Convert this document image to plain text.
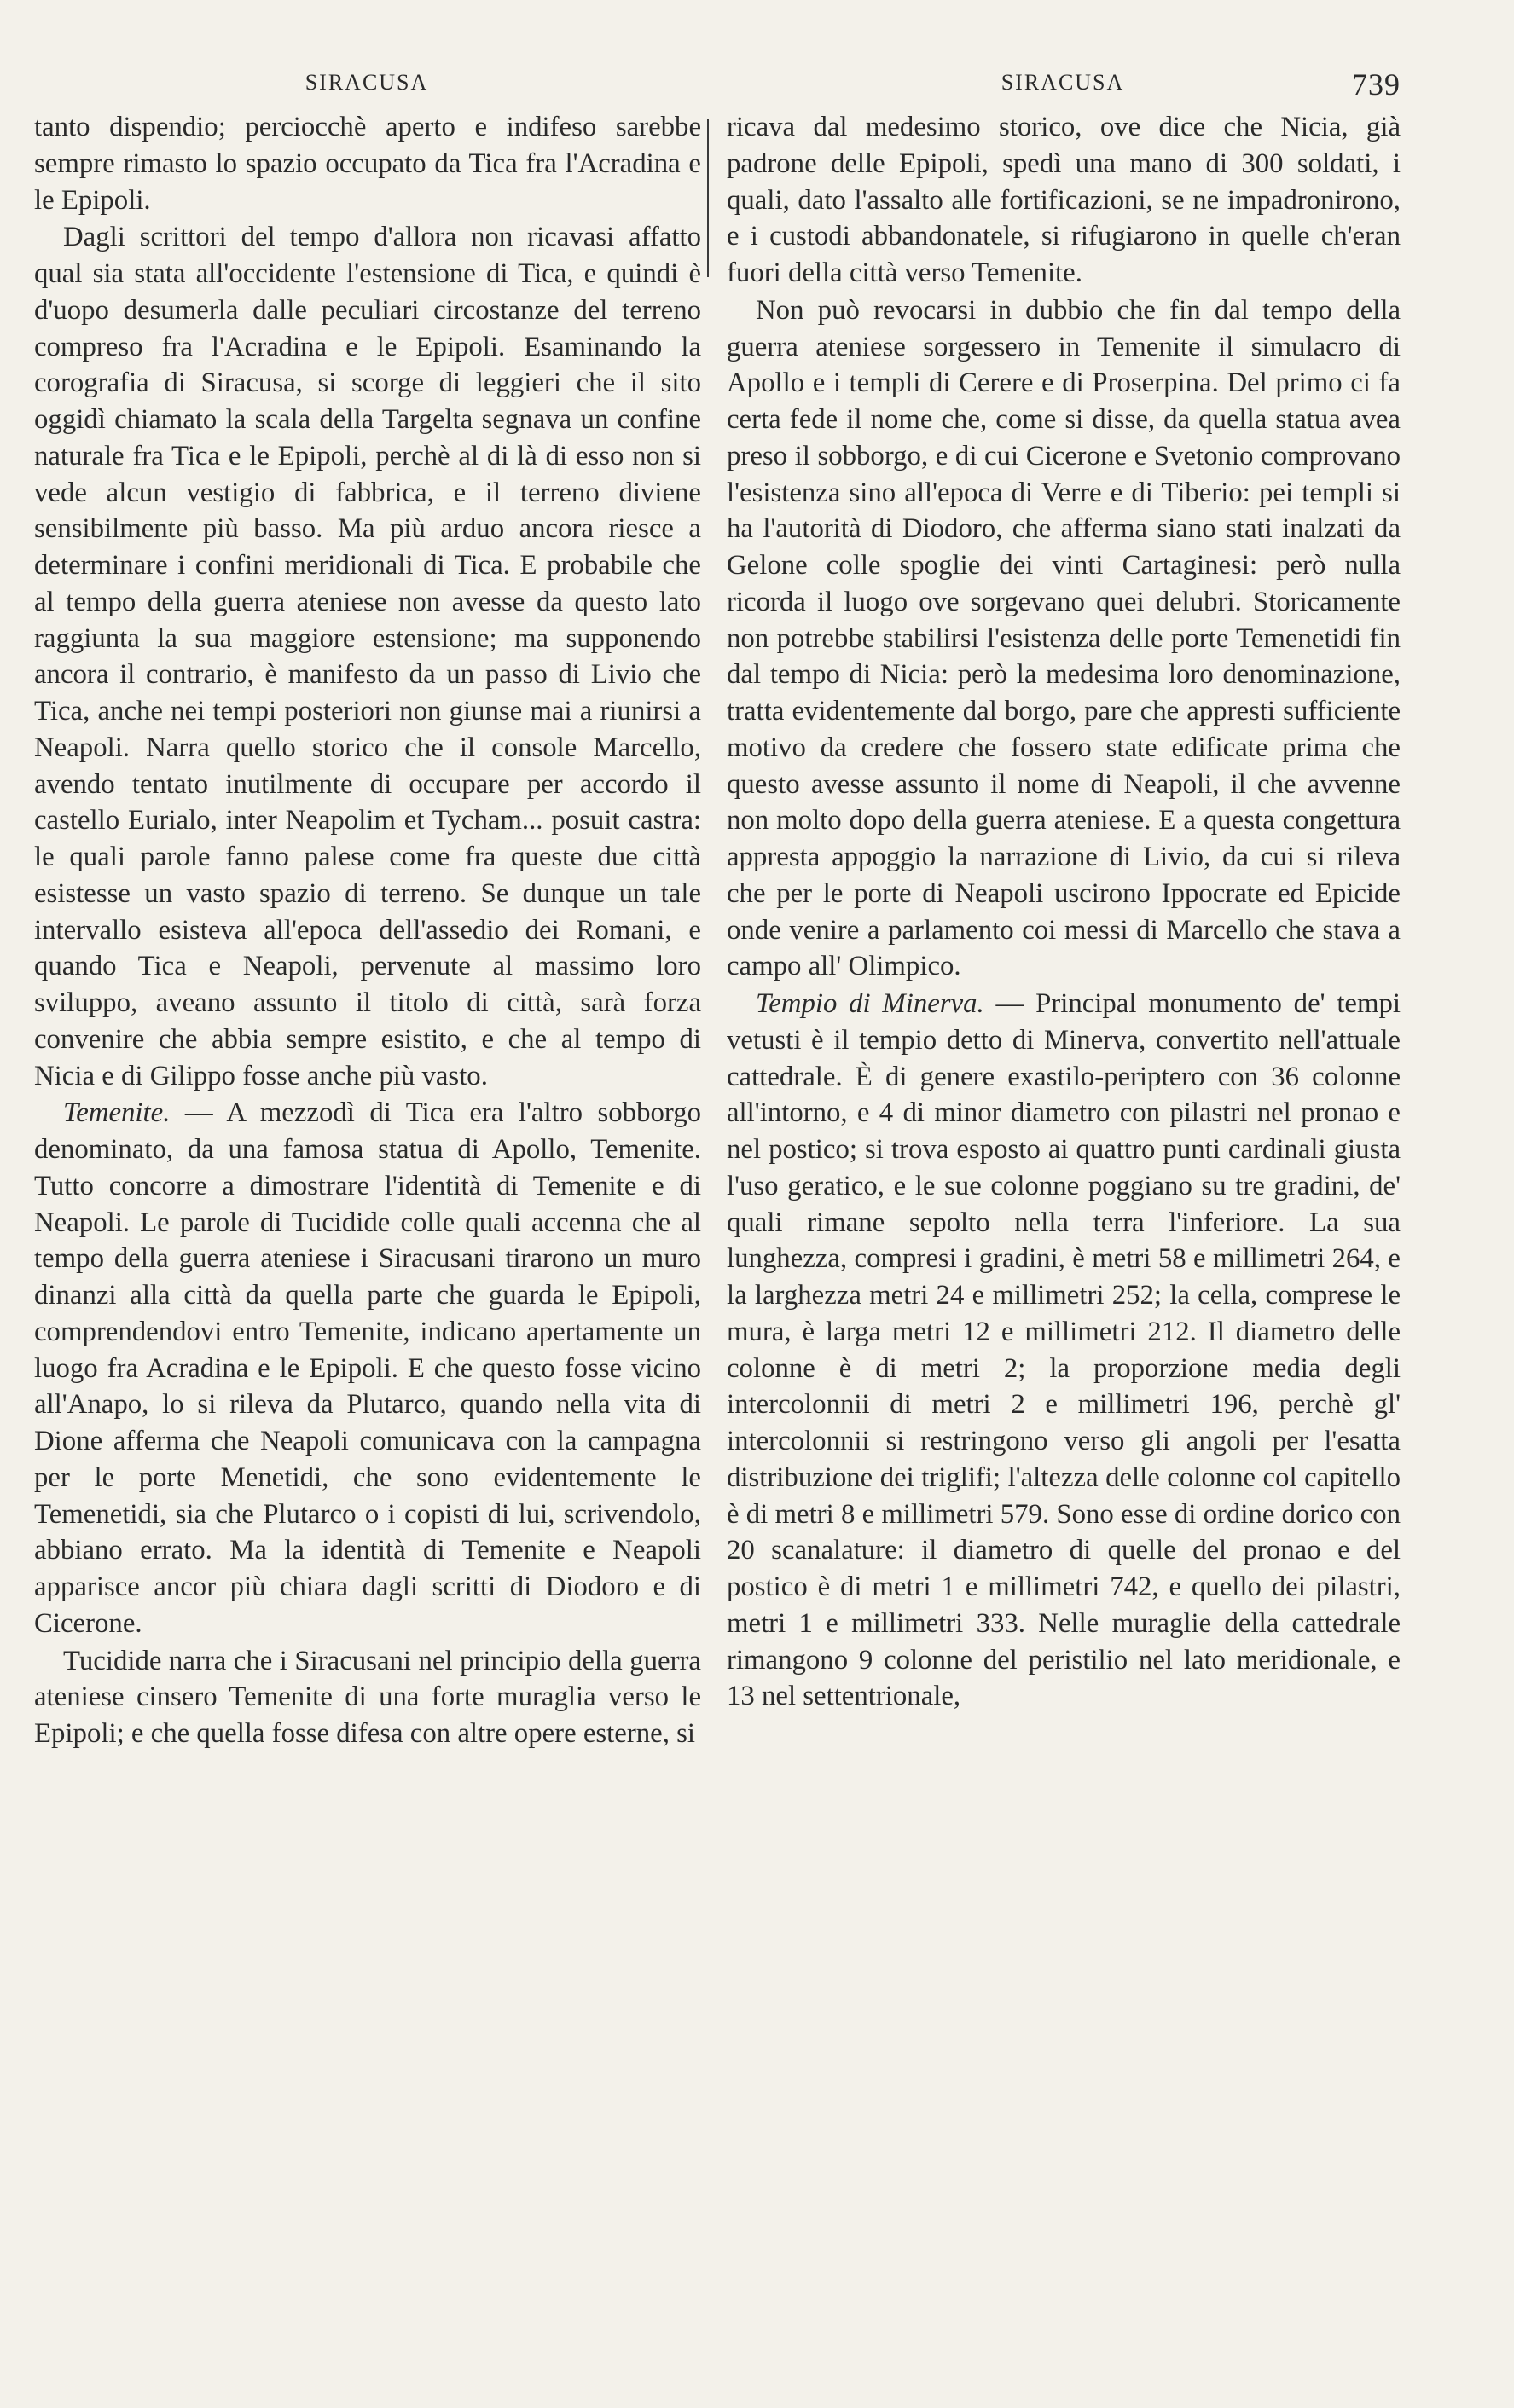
SIRACUSA	SIRACUSA	739

tanto dispendio; perciocchè aperto e indifeso sarebbe sempre rimasto lo spazio occupato da Tica fra l'Acradina e le Epipoli.

Dagli scrittori del tempo d'allora non ricavasi affatto qual sia stata all'occidente l'estensione di Tica, e quindi è d'uopo desumerla dalle peculiari circostanze del terreno compreso fra l'Acradina e le Epipoli. Esaminando la corografia di Siracusa, si scorge di leggieri che il sito oggidì chiamato la scala della Targelta segnava un confine naturale fra Tica e le Epipoli, perchè al di là di esso non si vede alcun vestigio di fabbrica, e il terreno diviene sensibilmente più basso. Ma più arduo ancora riesce a determinare i confini meridionali di Tica. E probabile che al tempo della guerra ateniese non avesse da questo lato raggiunta la sua maggiore estensione; ma supponendo ancora il contrario, è manifesto da un passo di Livio che Tica, anche nei tempi posteriori non giunse mai a riunirsi a Neapoli. Narra quello storico che il console Marcello, avendo tentato inutilmente di occupare per accordo il castello Eurialo, inter Neapolim et Tycham... posuit castra: le quali parole fanno palese come fra queste due città esistesse un vasto spazio di terreno. Se dunque un tale intervallo esisteva all'epoca dell'assedio dei Romani, e quando Tica e Neapoli, pervenute al massimo loro sviluppo, aveano assunto il titolo di città, sarà forza convenire che abbia sempre esistito, e che al tempo di Nicia e di Gilippo fosse anche più vasto.

Temenite. — A mezzodì di Tica era l'altro sobborgo denominato, da una famosa statua di Apollo, Temenite. Tutto concorre a dimostrare l'identità di Temenite e di Neapoli. Le parole di Tucidide colle quali accenna che al tempo della guerra ateniese i Siracusani tirarono un muro dinanzi alla città da quella parte che guarda le Epipoli, comprendendovi entro Temenite, indicano apertamente un luogo fra Acradina e le Epipoli. E che questo fosse vicino all'Anapo, lo si rileva da Plutarco, quando nella vita di Dione afferma che Neapoli comunicava con la campagna per le porte Menetidi, che sono evidentemente le Temenetidi, sia che Plutarco o i copisti di lui, scrivendolo, abbiano errato. Ma la identità di Temenite e Neapoli apparisce ancor più chiara dagli scritti di Diodoro e di Cicerone.

Tucidide narra che i Siracusani nel principio della guerra ateniese cinsero Temenite di una forte muraglia verso le Epipoli; e che quella fosse difesa con altre opere esterne, si

ricava dal medesimo storico, ove dice che Nicia, già padrone delle Epipoli, spedì una mano di 300 soldati, i quali, dato l'assalto alle fortificazioni, se ne impadronirono, e i custodi abbandonatele, si rifugiarono in quelle ch'eran fuori della città verso Temenite.

Non può revocarsi in dubbio che fin dal tempo della guerra ateniese sorgessero in Temenite il simulacro di Apollo e i templi di Cerere e di Proserpina. Del primo ci fa certa fede il nome che, come si disse, da quella statua avea preso il sobborgo, e di cui Cicerone e Svetonio comprovano l'esistenza sino all'epoca di Verre e di Tiberio: pei templi si ha l'autorità di Diodoro, che afferma siano stati inalzati da Gelone colle spoglie dei vinti Cartaginesi: però nulla ricorda il luogo ove sorgevano quei delubri. Storicamente non potrebbe stabilirsi l'esistenza delle porte Temenetidi fin dal tempo di Nicia: però la medesima loro denominazione, tratta evidentemente dal borgo, pare che appresti sufficiente motivo da credere che fossero state edificate prima che questo avesse assunto il nome di Neapoli, il che avvenne non molto dopo della guerra ateniese. E a questa congettura appresta appoggio la narrazione di Livio, da cui si rileva che per le porte di Neapoli uscirono Ippocrate ed Epicide onde venire a parlamento coi messi di Marcello che stava a campo all' Olimpico.

Tempio di Minerva. — Principal monumento de' tempi vetusti è il tempio detto di Minerva, convertito nell'attuale cattedrale. È di genere exastilo-periptero con 36 colonne all'intorno, e 4 di minor diametro con pilastri nel pronao e nel postico; si trova esposto ai quattro punti cardinali giusta l'uso geratico, e le sue colonne poggiano su tre gradini, de' quali rimane sepolto nella terra l'inferiore. La sua lunghezza, compresi i gradini, è metri 58 e millimetri 264, e la larghezza metri 24 e millimetri 252; la cella, comprese le mura, è larga metri 12 e millimetri 212. Il diametro delle colonne è di metri 2; la proporzione media degli intercolonnii di metri 2 e millimetri 196, perchè gl' intercolonnii si restringono verso gli angoli per l'esatta distribuzione dei triglifi; l'altezza delle colonne col capitello è di metri 8 e millimetri 579. Sono esse di ordine dorico con 20 scanalature: il diametro di quelle del pronao e del postico è di metri 1 e millimetri 742, e quello dei pilastri, metri 1 e millimetri 333. Nelle muraglie della cattedrale rimangono 9 colonne del peristilio nel lato meridionale, e 13 nel settentrionale,
